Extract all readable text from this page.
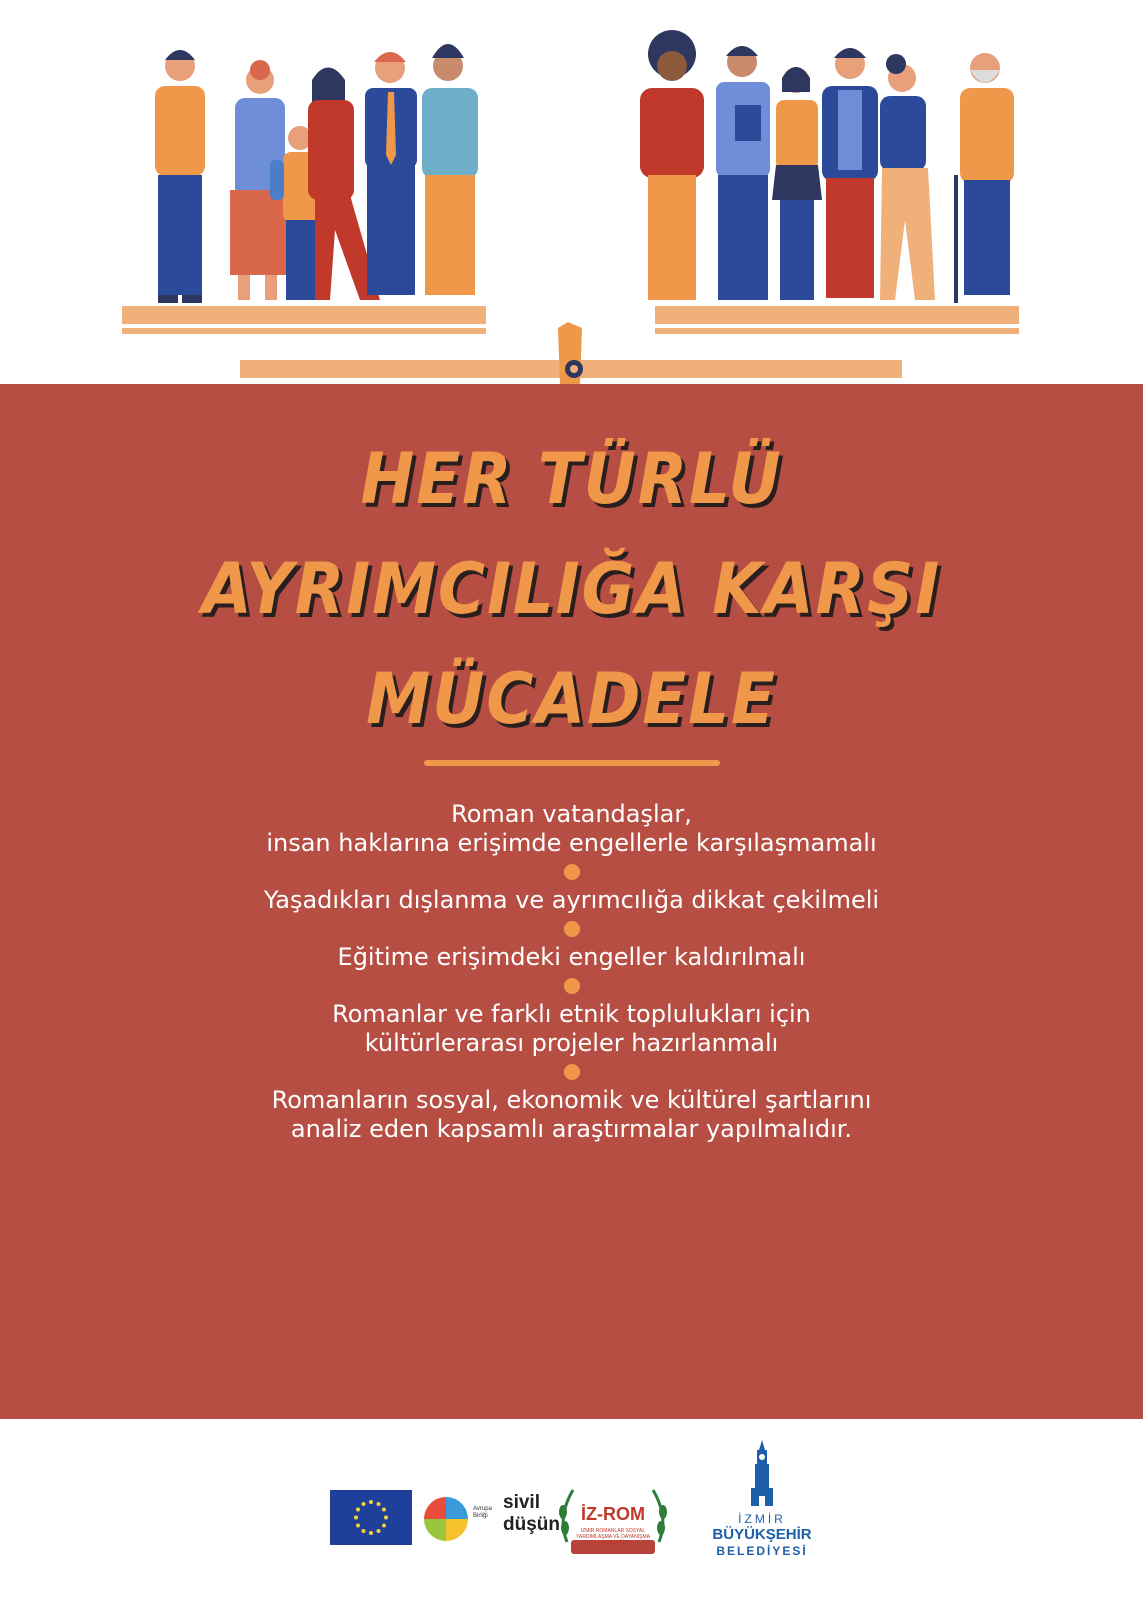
HER TÜRLÜ
AYRIMCILIĞA KARŞI
MÜCADELE
Roman vatandaşlar,
insan haklarına erişimde engellerle karşılaşmamalı
Yaşadıkları dışlanma ve ayrımcılığa dikkat çekilmeli
Eğitime erişimdeki engeller kaldırılmalı
Romanlar ve farklı etnik toplulukları için
kültürlerarası projeler hazırlanmalı
Romanların sosyal, ekonomik ve kültürel şartlarını
analiz eden kapsamlı araştırmalar yapılmalıdır.
Avrupa
Birliği
sivil
düşün	İZ-ROM
İZMİR ROMANLAR SOSYAL YARDIMLAŞMA VE DAYANIŞMA DERNEĞİ
İZMİR
BÜYÜKŞEHİR
BELEDİYESİ
